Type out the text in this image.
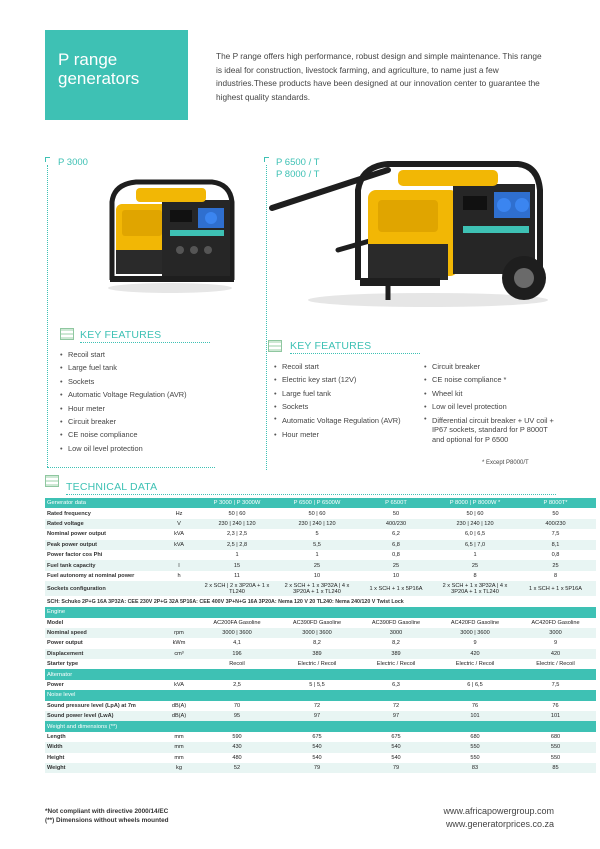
P range
generators
The P range offers high performance, robust design and simple maintenance. This range is ideal for construction, livestock farming, and agriculture, to name just a few industries.These products have been designed at our innovation center to guarantee the highest quality standards.
P 3000	P 6500 / T
P 8000 / T
KEY FEATURES
• Recoil start
• Large fuel tank
• Sockets
• Automatic Voltage Regulation (AVR)
• Hour meter
• Circuit breaker
• CE noise compliance
• Low oil level protection
KEY FEATURES
• Recoil start
• Electric key start (12V)
• Large fuel tank
• Sockets
• Automatic Voltage Regulation (AVR)
• Hour meter
• Circuit breaker
• CE noise compliance *
• Wheel kit
• Low oil level protection
• Differential circuit breaker + UV coil + IP67 sockets, standard for P 8000T and optional for P 6500
* Except P8000/T
TECHNICAL DATA
Generator data		P 3000 | P 3000W	P 6500 | P 6500W	P 6500T	P 8000 | P 8000W *	P 8000T*
Rated frequency	Hz	50 | 60	50 | 60	50	50 | 60	50
Rated voltage	V	230 | 240 | 120	230 | 240 | 120	400/230	230 | 240 | 120	400/230
Nominal power output	kVA	2,3 | 2,5	5	6,2	6,0 | 6,5	7,5
Peak power output	kVA	2,5 | 2,8	5,5	6,8	6,5 | 7,0	8,1
Power factor cos Phi		1	1	0,8	1	0,8
Fuel tank capacity	l	15	25	25	25	25
Fuel autonomy at nominal power	h	11	10	10	8	8
Sockets configuration		2 x SCH | 2 x 3P20A + 1 x TL240	2 x SCH + 1 x 3P32A | 4 x 3P20A + 1 x TL240	1 x SCH + 1 x 5P16A	2 x SCH + 1 x 3P32A | 4 x 3P20A + 1 x TL240	1 x SCH + 1 x 5P16A
SCH: Schuko 2P+G 16A 3P32A: CEE 230V 2P+G 32A 5P16A: CEE 400V 3P+N+G 16A 3P20A: Nema 120 V 20 TL240: Nema 240/120 V Twist Lock						
Engine						
Model		AC200FA Gasoline	AC390FD Gasoline	AC390FD Gasoline	AC420FD Gasoline	AC420FD Gasoline
Nominal speed	rpm	3000 | 3600	3000 | 3600	3000	3000 | 3600	3000
Power output	kWm	4,1	8,2	8,2	9	9
Displacement	cm³	196	389	389	420	420
Starter type		Recoil	Electric / Recoil	Electric / Recoil	Electric / Recoil	Electric / Recoil
Alternator						
Power	kVA	2,5	5 | 5,5	6,3	6 | 6,5	7,5
Noise level						
Sound pressure level (LpA) at 7m	dB(A)	70	72	72	76	76
Sound power level (LwA)	dB(A)	95	97	97	101	101
Weight and dimensions (**)						
Length	mm	590	675	675	680	680
Width	mm	430	540	540	550	550
Height	mm	480	540	540	550	550
Weight	kg	52	79	79	83	85
*Not compliant with directive 2000/14/EC
(**) Dimensions without wheels mounted
www.africapowergroup.com
www.generatorprices.co.za
